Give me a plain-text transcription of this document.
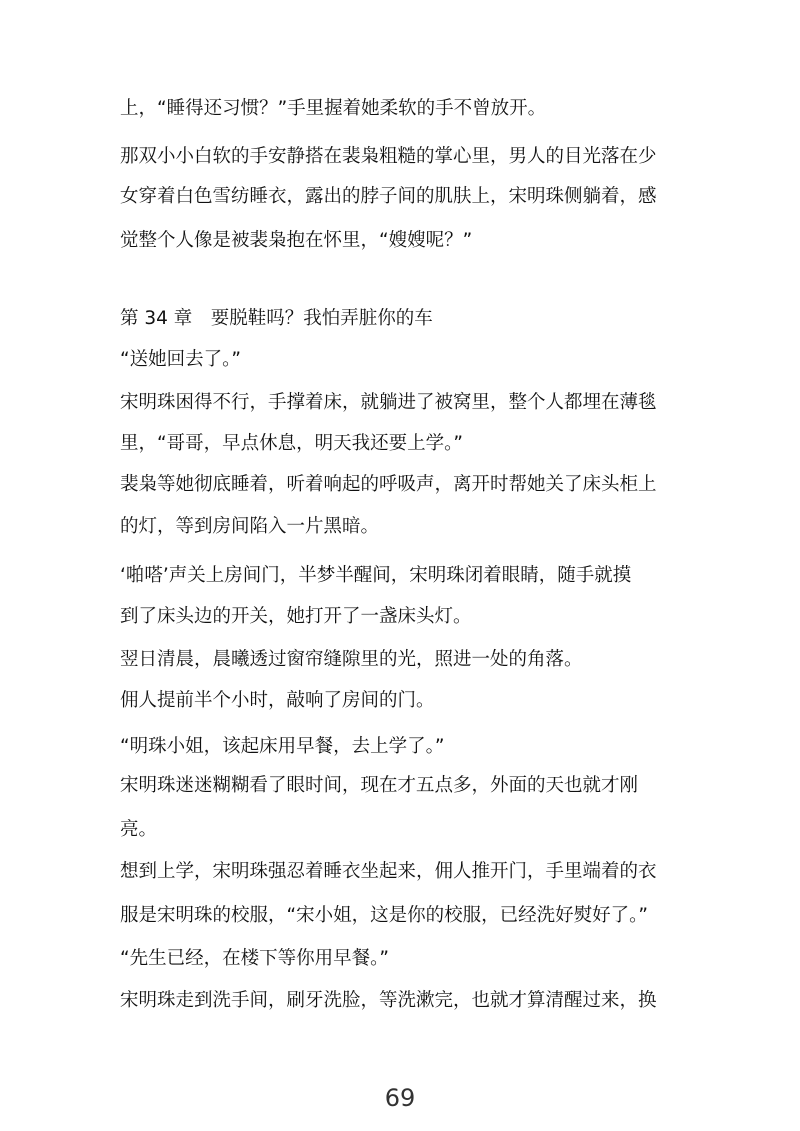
上，“睡得还习惯？”手里握着她柔软的手不曾放开。
那双小小白软的手安静搭在裴枭粗糙的掌心里，男人的目光落在少
女穿着白色雪纺睡衣，露出的脖子间的肌肤上，宋明珠侧躺着，感
觉整个人像是被裴枭抱在怀里，“嫂嫂呢？”
第 34 章　要脱鞋吗？我怕弄脏你的车
“送她回去了。”
宋明珠困得不行，手撑着床，就躺进了被窝里，整个人都埋在薄毯
里，“哥哥，早点休息，明天我还要上学。”
裴枭等她彻底睡着，听着响起的呼吸声，离开时帮她关了床头柜上
的灯，等到房间陷入一片黑暗。
‘啪嗒’声关上房间门，半梦半醒间，宋明珠闭着眼睛，随手就摸
到了床头边的开关，她打开了一盏床头灯。
翌日清晨，晨曦透过窗帘缝隙里的光，照进一处的角落。
佣人提前半个小时，敲响了房间的门。
“明珠小姐，该起床用早餐，去上学了。”
宋明珠迷迷糊糊看了眼时间，现在才五点多，外面的天也就才刚
亮。
想到上学，宋明珠强忍着睡衣坐起来，佣人推开门，手里端着的衣
服是宋明珠的校服，“宋小姐，这是你的校服，已经洗好熨好了。”
“先生已经，在楼下等你用早餐。”
宋明珠走到洗手间，刷牙洗脸，等洗漱完，也就才算清醒过来，换
69
